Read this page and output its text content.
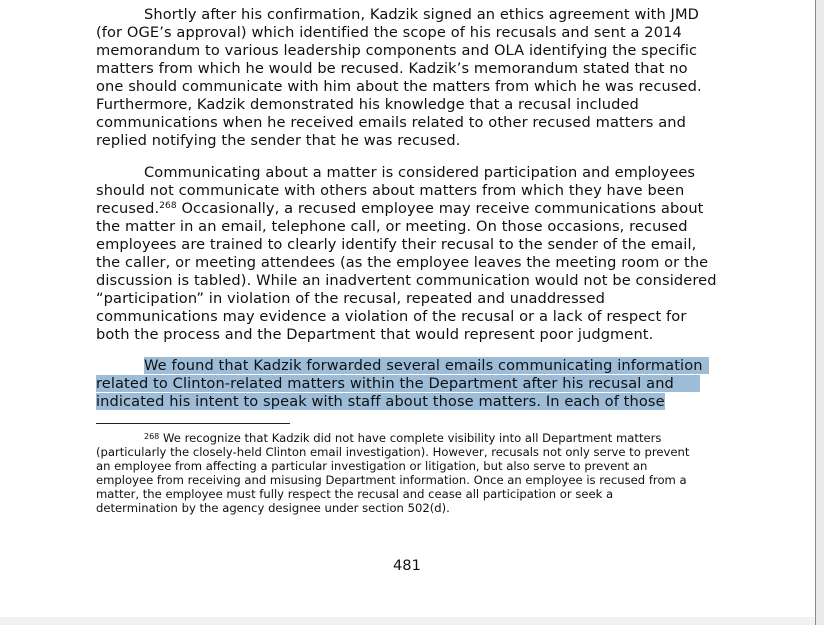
Shortly after his confirmation, Kadzik signed an ethics agreement with JMD
(for OGE’s approval) which identified the scope of his recusals and sent a 2014
memorandum to various leadership components and OLA identifying the specific
matters from which he would be recused. Kadzik’s memorandum stated that no
one should communicate with him about the matters from which he was recused.
Furthermore, Kadzik demonstrated his knowledge that a recusal included
communications when he received emails related to other recused matters and
replied notifying the sender that he was recused.
Communicating about a matter is considered participation and employees
should not communicate with others about matters from which they have been
recused.$^{268}$ Occasionally, a recused employee may receive communications about
the matter in an email, telephone call, or meeting. On those occasions, recused
employees are trained to clearly identify their recusal to the sender of the email,
the caller, or meeting attendees (as the employee leaves the meeting room or the
discussion is tabled). While an inadvertent communication would not be considered
“participation” in violation of the recusal, repeated and unaddressed
communications may evidence a violation of the recusal or a lack of respect for
both the process and the Department that would represent poor judgment.
We found that Kadzik forwarded several emails communicating information
related to Clinton-related matters within the Department after his recusal and
indicated his intent to speak with staff about those matters. In each of those
$^{268}$ We recognize that Kadzik did not have complete visibility into all Department matters
(particularly the closely-held Clinton email investigation). However, recusals not only serve to prevent
an employee from affecting a particular investigation or litigation, but also serve to prevent an
employee from receiving and misusing Department information. Once an employee is recused from a
matter, the employee must fully respect the recusal and cease all participation or seek a
determination by the agency designee under section 502(d).
481
